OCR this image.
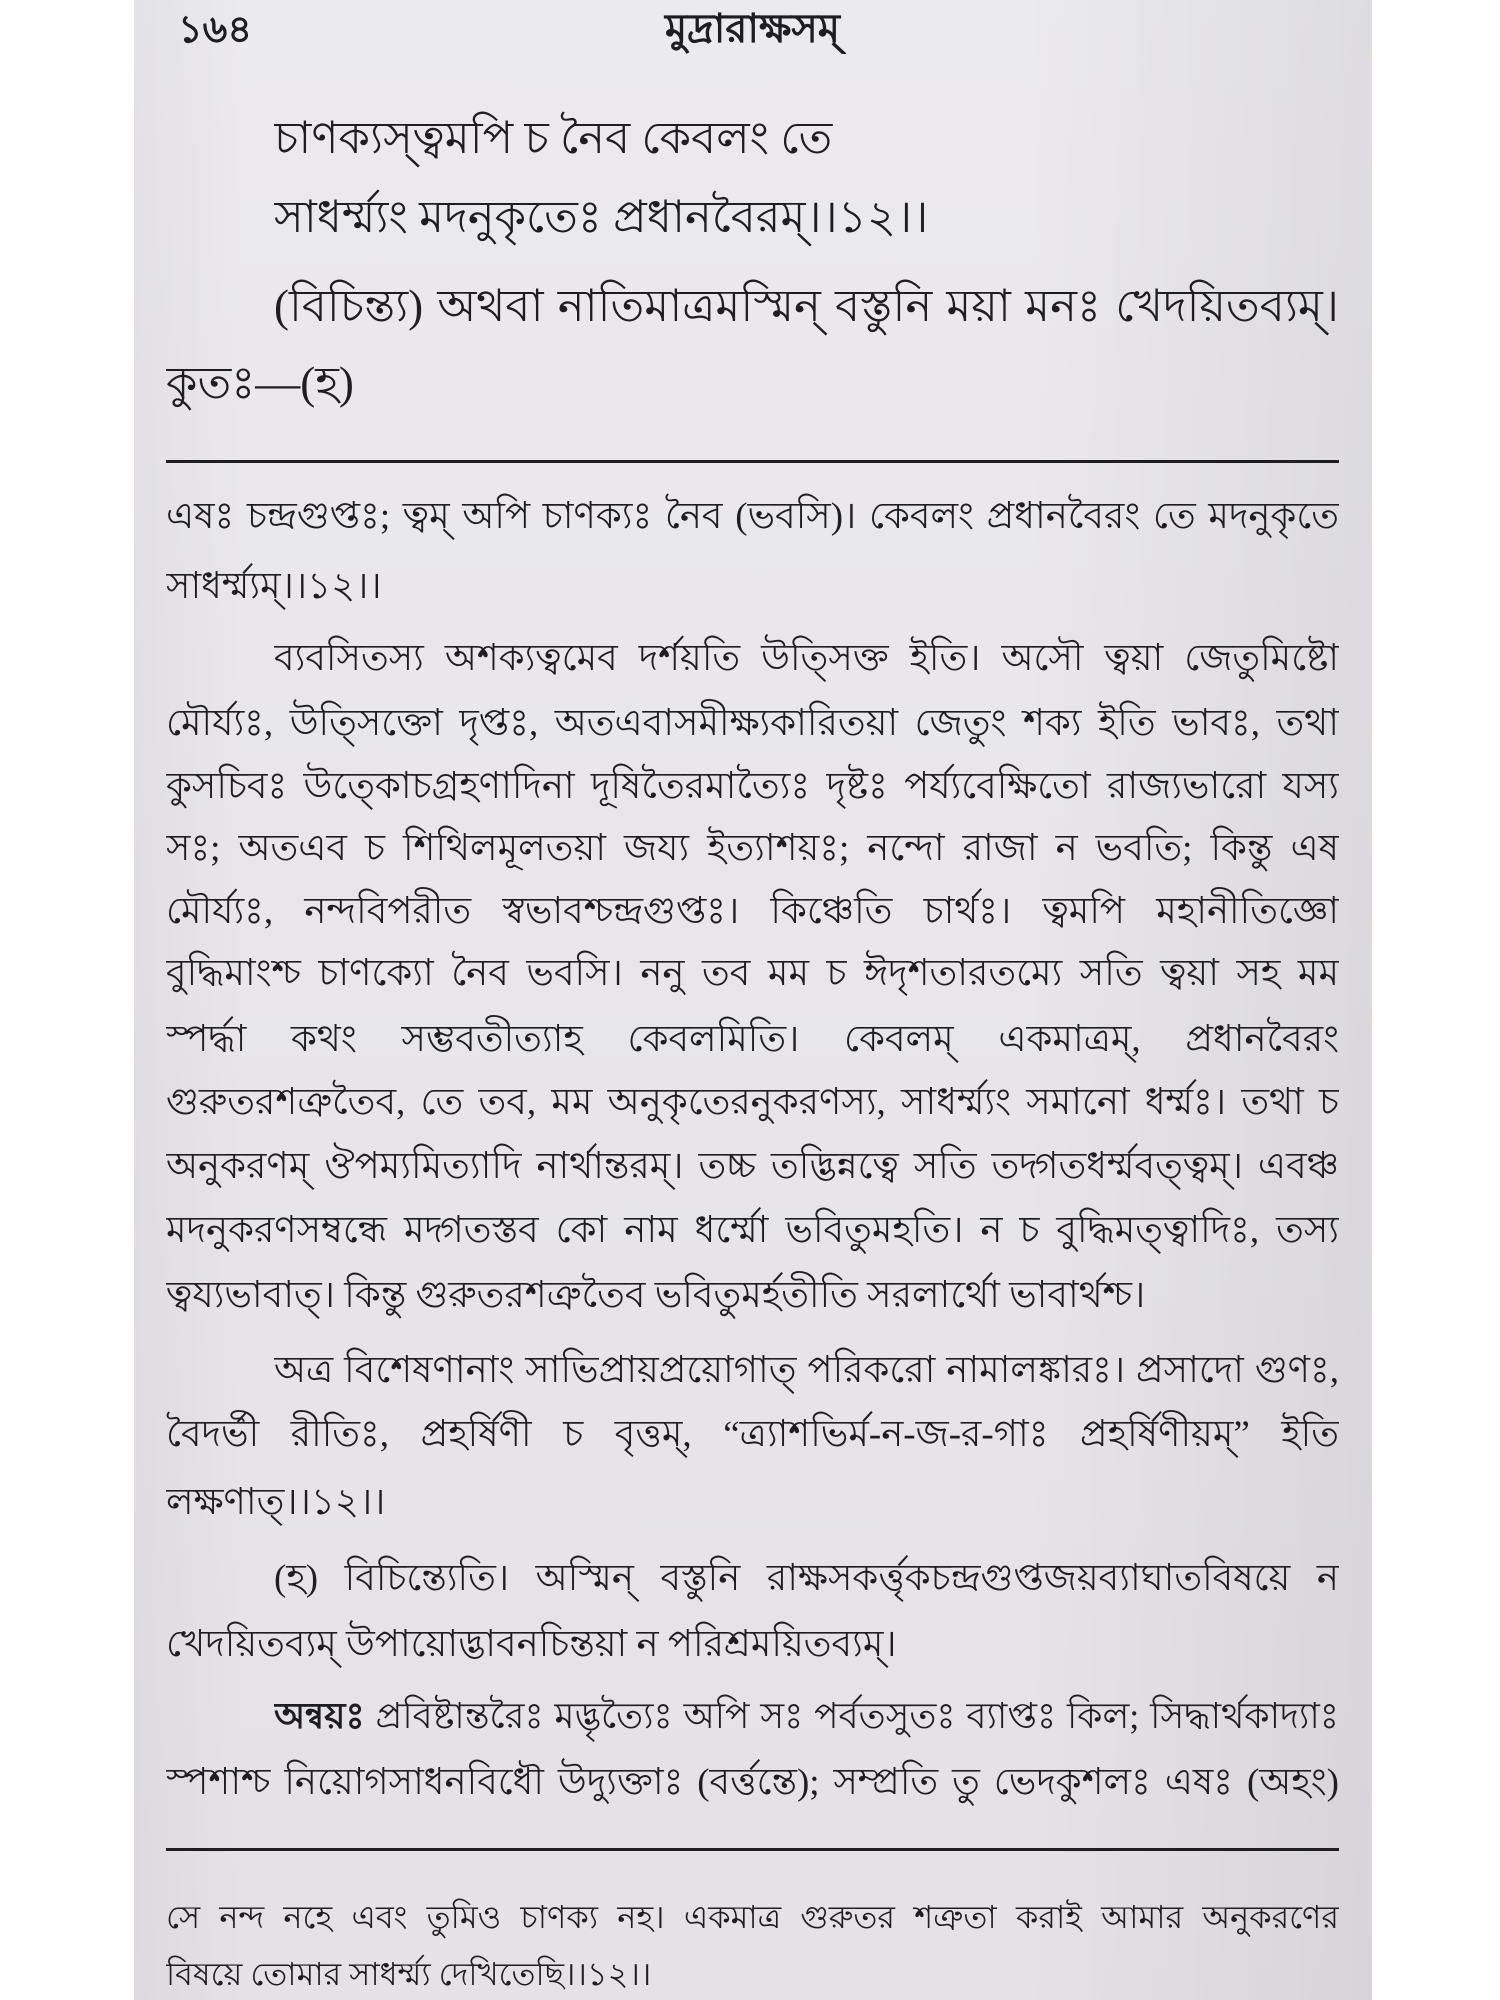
১৬৪	মুদ্রারাক্ষসম্
চাণক্যস্ত্বমপি চ নৈব কেবলং তে
সাধর্ম্ম্যং মদনুকৃতেঃ প্রধানবৈরম্।।১২।।
(বিচিন্ত্য) অথবা নাতিমাত্রমস্মিন্ বস্তুনি ময়া মনঃ খেদয়িতব্যম্।
কুতঃ—(হ)
এষঃ চন্দ্রগুপ্তঃ; ত্বম্ অপি চাণক্যঃ নৈব (ভবসি)। কেবলং প্রধানবৈরং তে মদনুকৃতে
সাধর্ম্ম্যম্।।১২।।
ব্যবসিতস্য অশক্যত্বমেব দর্শয়তি উত্সিক্ত ইতি। অসৌ ত্বয়া জেতুমিষ্টো
মৌর্য্যঃ, উত্সিক্তো দৃপ্তঃ, অতএবাসমীক্ষ্যকারিতয়া জেতুং শক্য ইতি ভাবঃ, তথা
কুসচিবঃ উত্কোচগ্রহণাদিনা দূষিতৈরমাত্যৈঃ দৃষ্টঃ পর্য্যবেক্ষিতো রাজ্যভারো যস্য
সঃ; অতএব চ শিথিলমূলতয়া জয্য ইত্যাশয়ঃ; নন্দো রাজা ন ভবতি; কিন্তু এষ
মৌর্য্যঃ, নন্দবিপরীত স্বভাবশ্চন্দ্রগুপ্তঃ। কিঞ্চেতি চার্থঃ। ত্বমপি মহানীতিজ্ঞো
বুদ্ধিমাংশ্চ চাণক্যো নৈব ভবসি। ননু তব মম চ ঈদৃশতারতম্যে সতি ত্বয়া সহ মম
স্পর্দ্ধা কথং সম্ভবতীত্যাহ কেবলমিতি। কেবলম্ একমাত্রম্, প্রধানবৈরং
গুরুতরশত্রুতৈব, তে তব, মম অনুকৃতেরনুকরণস্য, সাধর্ম্ম্যং সমানো ধর্ম্মঃ। তথা চ
অনুকরণম্ ঔপম্যমিত্যাদি নার্থান্তরম্। তচ্চ তদ্ভিন্নত্বে সতি তদ্গতধর্ম্মবত্ত্বম্। এবঞ্চ
মদনুকরণসম্বন্ধে মদ্গতস্তব কো নাম ধর্ম্মো ভবিতুমহতি। ন চ বুদ্ধিমত্ত্বাদিঃ, তস্য
ত্বয্যভাবাত্। কিন্তু গুরুতরশত্রুতৈব ভবিতুমর্হতীতি সরলার্থো ভাবার্থশ্চ।
অত্র বিশেষণানাং সাভিপ্রায়প্রয়োগাত্ পরিকরো নামালঙ্কারঃ। প্রসাদো গুণঃ,
বৈদর্ভী রীতিঃ, প্রহর্ষিণী চ বৃত্তম্, “ত্র্যাশভির্ম-ন-জ-র-গাঃ প্রহর্ষিণীয়ম্” ইতি
লক্ষণাত্।।১২।।
(হ) বিচিন্ত্যেতি। অস্মিন্ বস্তুনি রাক্ষসকর্ত্তৃকচন্দ্রগুপ্তজয়ব্যাঘাতবিষয়ে ন
খেদয়িতব্যম্ উপায়োদ্ভাবনচিন্তয়া ন পরিশ্রময়িতব্যম্।
অন্বয়ঃ প্রবিষ্টান্তরৈঃ মদ্ভৃত্যৈঃ অপি সঃ পর্বতসুতঃ ব্যাপ্তঃ কিল; সিদ্ধার্থকাদ্যাঃ
স্পশাশ্চ নিয়োগসাধনবিধৌ উদ্যুক্তাঃ (বর্ত্তন্তে); সম্প্রতি তু ভেদকুশলঃ এষঃ (অহং)
সে নন্দ নহে এবং তুমিও চাণক্য নহ। একমাত্র গুরুতর শত্রুতা করাই আমার অনুকরণের
বিষয়ে তোমার সাধর্ম্ম্য দেখিতেছি।।১২।।
